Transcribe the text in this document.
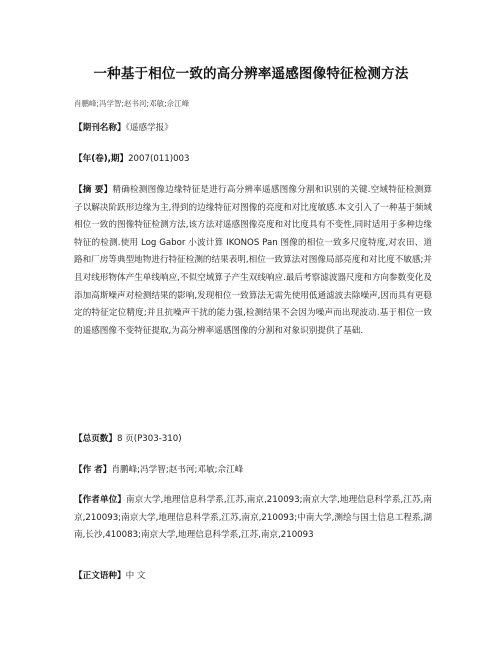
一种基于相位一致的高分辨率遥感图像特征检测方法
肖鹏峰;冯学智;赵书河;邓敏;佘江峰
【期刊名称】《遥感学报》
【年(卷),期】2007(011)003
【摘 要】精确检测图像边缘特征是进行高分辨率遥感图像分割和识别的关键.空域特征检测算子以解决阶跃形边缘为主,得到的边缘特征对图像的亮度和对比度敏感.本文引入了一种基于频域相位一致的图像特征检测方法,该方法对遥感图像亮度和对比度具有不变性,同时适用于多种边缘特征的检测.使用 Log Gabor 小波计算 IKONOS Pan 图像的相位一致多尺度特度,对农田、道路和厂房等典型地物进行特征检测的结果表明,相位一致算法对图像局部亮度和对比度不敏感;并且对线形物体产生单线响应,不似空域算子产生双线响应.最后考察滤波器尺度和方向参数变化及添加高斯噪声对检测结果的影响,发现相位一致算法无需先使用低通滤波去除噪声,因而具有更稳定的特征定位精度;并且抗噪声干扰的能力强,检测结果不会因为噪声而出现波动.基于相位一致的遥感图像不变特征提取,为高分辨率遥感图像的分割和对象识别提供了基础.
【总页数】8 页(P303-310)
【作 者】肖鹏峰;冯学智;赵书河;邓敏;佘江峰
【作者单位】南京大学,地理信息科学系,江苏,南京,210093;南京大学,地理信息科学系,江苏,南京,210093;南京大学,地理信息科学系,江苏,南京,210093;中南大学,测绘与国土信息工程系,湖南,长沙,410083;南京大学,地理信息科学系,江苏,南京,210093
【正文语种】中 文
